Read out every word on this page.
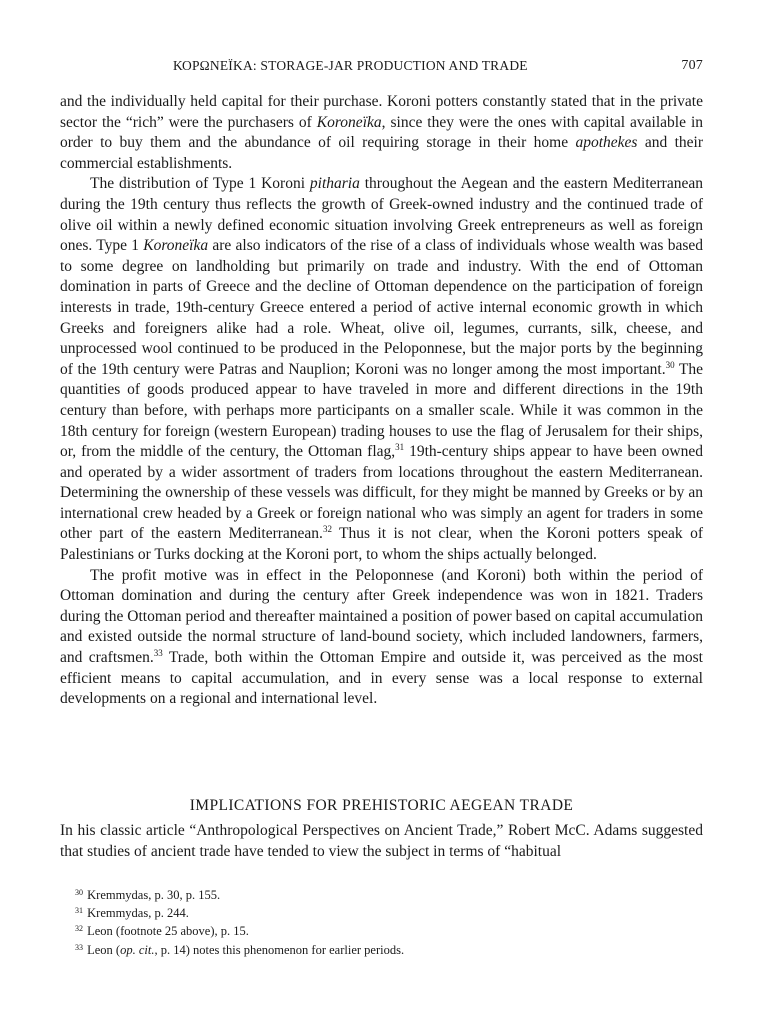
ΚΟΡΩΝΕΪΚΑ: STORAGE-JAR PRODUCTION AND TRADE	707

and the individually held capital for their purchase. Koroni potters constantly stated that in the private sector the “rich” were the purchasers of Koroneïka, since they were the ones with capital available in order to buy them and the abundance of oil requiring storage in their home apothekes and their commercial establishments.

The distribution of Type 1 Koroni pitharia throughout the Aegean and the eastern Mediterranean during the 19th century thus reflects the growth of Greek-owned industry and the continued trade of olive oil within a newly defined economic situation involving Greek entrepreneurs as well as foreign ones. Type 1 Koroneïka are also indicators of the rise of a class of individuals whose wealth was based to some degree on landholding but primarily on trade and industry. With the end of Ottoman domination in parts of Greece and the decline of Ottoman dependence on the participation of foreign interests in trade, 19th-century Greece entered a period of active internal economic growth in which Greeks and foreigners alike had a role. Wheat, olive oil, legumes, currants, silk, cheese, and unprocessed wool continued to be produced in the Peloponnese, but the major ports by the beginning of the 19th century were Patras and Nauplion; Koroni was no longer among the most important.$^{30}$ The quantities of goods produced appear to have traveled in more and different directions in the 19th century than before, with perhaps more participants on a smaller scale. While it was common in the 18th century for foreign (western European) trading houses to use the flag of Jerusalem for their ships, or, from the middle of the century, the Ottoman flag,$^{31}$ 19th-century ships appear to have been owned and operated by a wider assortment of traders from locations throughout the eastern Mediterranean. Determining the ownership of these vessels was difficult, for they might be manned by Greeks or by an international crew headed by a Greek or foreign national who was simply an agent for traders in some other part of the eastern Mediterranean.$^{32}$ Thus it is not clear, when the Koroni potters speak of Palestinians or Turks docking at the Koroni port, to whom the ships actually belonged.

The profit motive was in effect in the Peloponnese (and Koroni) both within the period of Ottoman domination and during the century after Greek independence was won in 1821. Traders during the Ottoman period and thereafter maintained a position of power based on capital accumulation and existed outside the normal structure of land-bound society, which included landowners, farmers, and craftsmen.$^{33}$ Trade, both within the Ottoman Empire and outside it, was perceived as the most efficient means to capital accumulation, and in every sense was a local response to external developments on a regional and international level.

IMPLICATIONS FOR PREHISTORIC AEGEAN TRADE

In his classic article “Anthropological Perspectives on Ancient Trade,” Robert McC. Adams suggested that studies of ancient trade have tended to view the subject in terms of “habitual

$^{30}$ Kremmydas, p. 30, p. 155.
$^{31}$ Kremmydas, p. 244.
$^{32}$ Leon (footnote 25 above), p. 15.
$^{33}$ Leon (op. cit., p. 14) notes this phenomenon for earlier periods.
